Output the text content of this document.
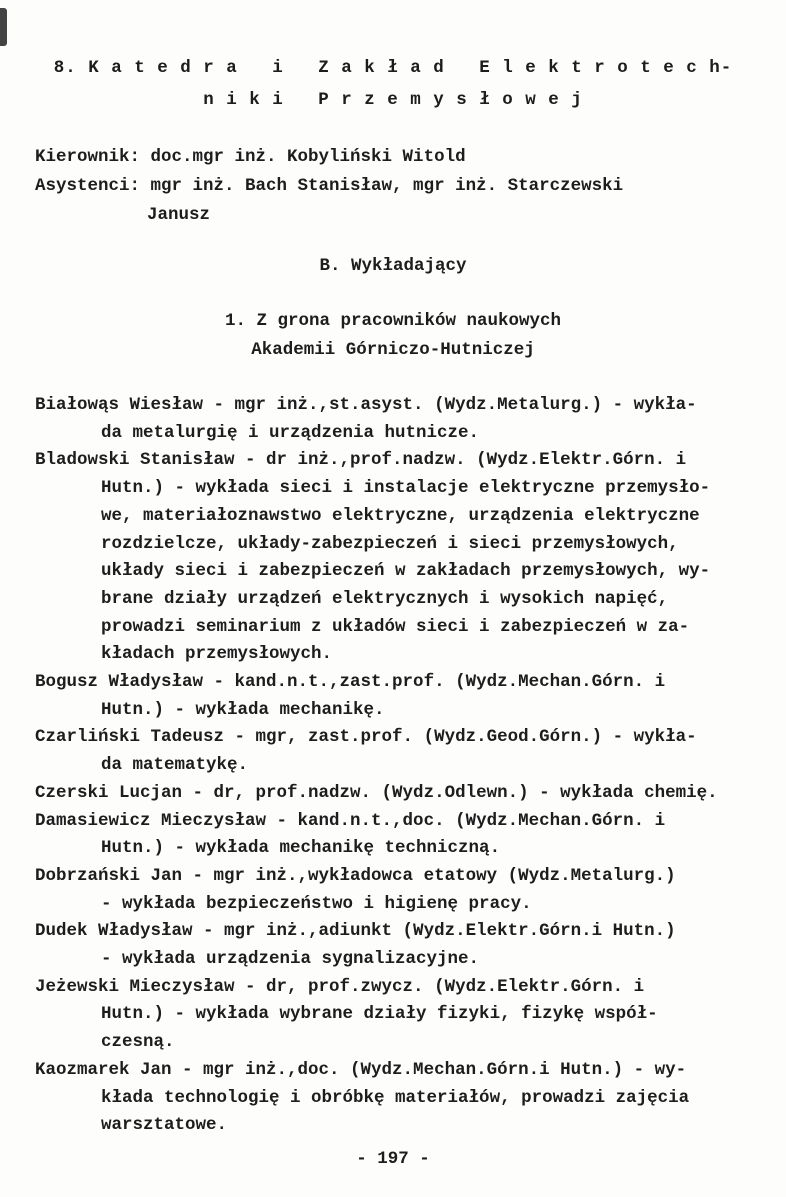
8. K a t e d r a   i   Z a k ł a d   E l e k t r o t e c h-
n i k i   P r z e m y s ł o w e j
Kierownik: doc.mgr inż. Kobyliński Witold
Asystenci: mgr inż. Bach Stanisław, mgr inż. Starczewski
Janusz
B. Wykładający
1. Z grona pracowników naukowych
Akademii Górniczo-Hutniczej
Białowąs Wiesław - mgr inż.,st.asyst. (Wydz.Metalurg.) - wykła-
da metalurgię i urządzenia hutnicze.
Bladowski Stanisław - dr inż.,prof.nadzw. (Wydz.Elektr.Górn. i
Hutn.) - wykłada sieci i instalacje elektryczne przemysło-
we, materiałoznawstwo elektryczne, urządzenia elektryczne
rozdzielcze, układy-zabezpieczeń i sieci przemysłowych,
układy sieci i zabezpieczeń w zakładach przemysłowych, wy-
brane działy urządzeń elektrycznych i wysokich napięć,
prowadzi seminarium z układów sieci i zabezpieczeń w za-
kładach przemysłowych.
Bogusz Władysław - kand.n.t.,zast.prof. (Wydz.Mechan.Górn. i
Hutn.) - wykłada mechanikę.
Czarliński Tadeusz - mgr, zast.prof. (Wydz.Geod.Górn.) - wykła-
da matematykę.
Czerski Lucjan - dr, prof.nadzw. (Wydz.Odlewn.) - wykłada chemię.
Damasiewicz Mieczysław - kand.n.t.,doc. (Wydz.Mechan.Górn. i
Hutn.) - wykłada mechanikę techniczną.
Dobrzański Jan - mgr inż.,wykładowca etatowy (Wydz.Metalurg.)
- wykłada bezpieczeństwo i higienę pracy.
Dudek Władysław - mgr inż.,adiunkt (Wydz.Elektr.Górn.i Hutn.)
- wykłada urządzenia sygnalizacyjne.
Jeżewski Mieczysław - dr, prof.zwycz. (Wydz.Elektr.Górn. i
Hutn.) - wykłada wybrane działy fizyki, fizykę współ-
czesną.
Kaozmarek Jan - mgr inż.,doc. (Wydz.Mechan.Górn.i Hutn.) - wy-
kłada technologię i obróbkę materiałów, prowadzi zajęcia
warsztatowe.
- 197 -
